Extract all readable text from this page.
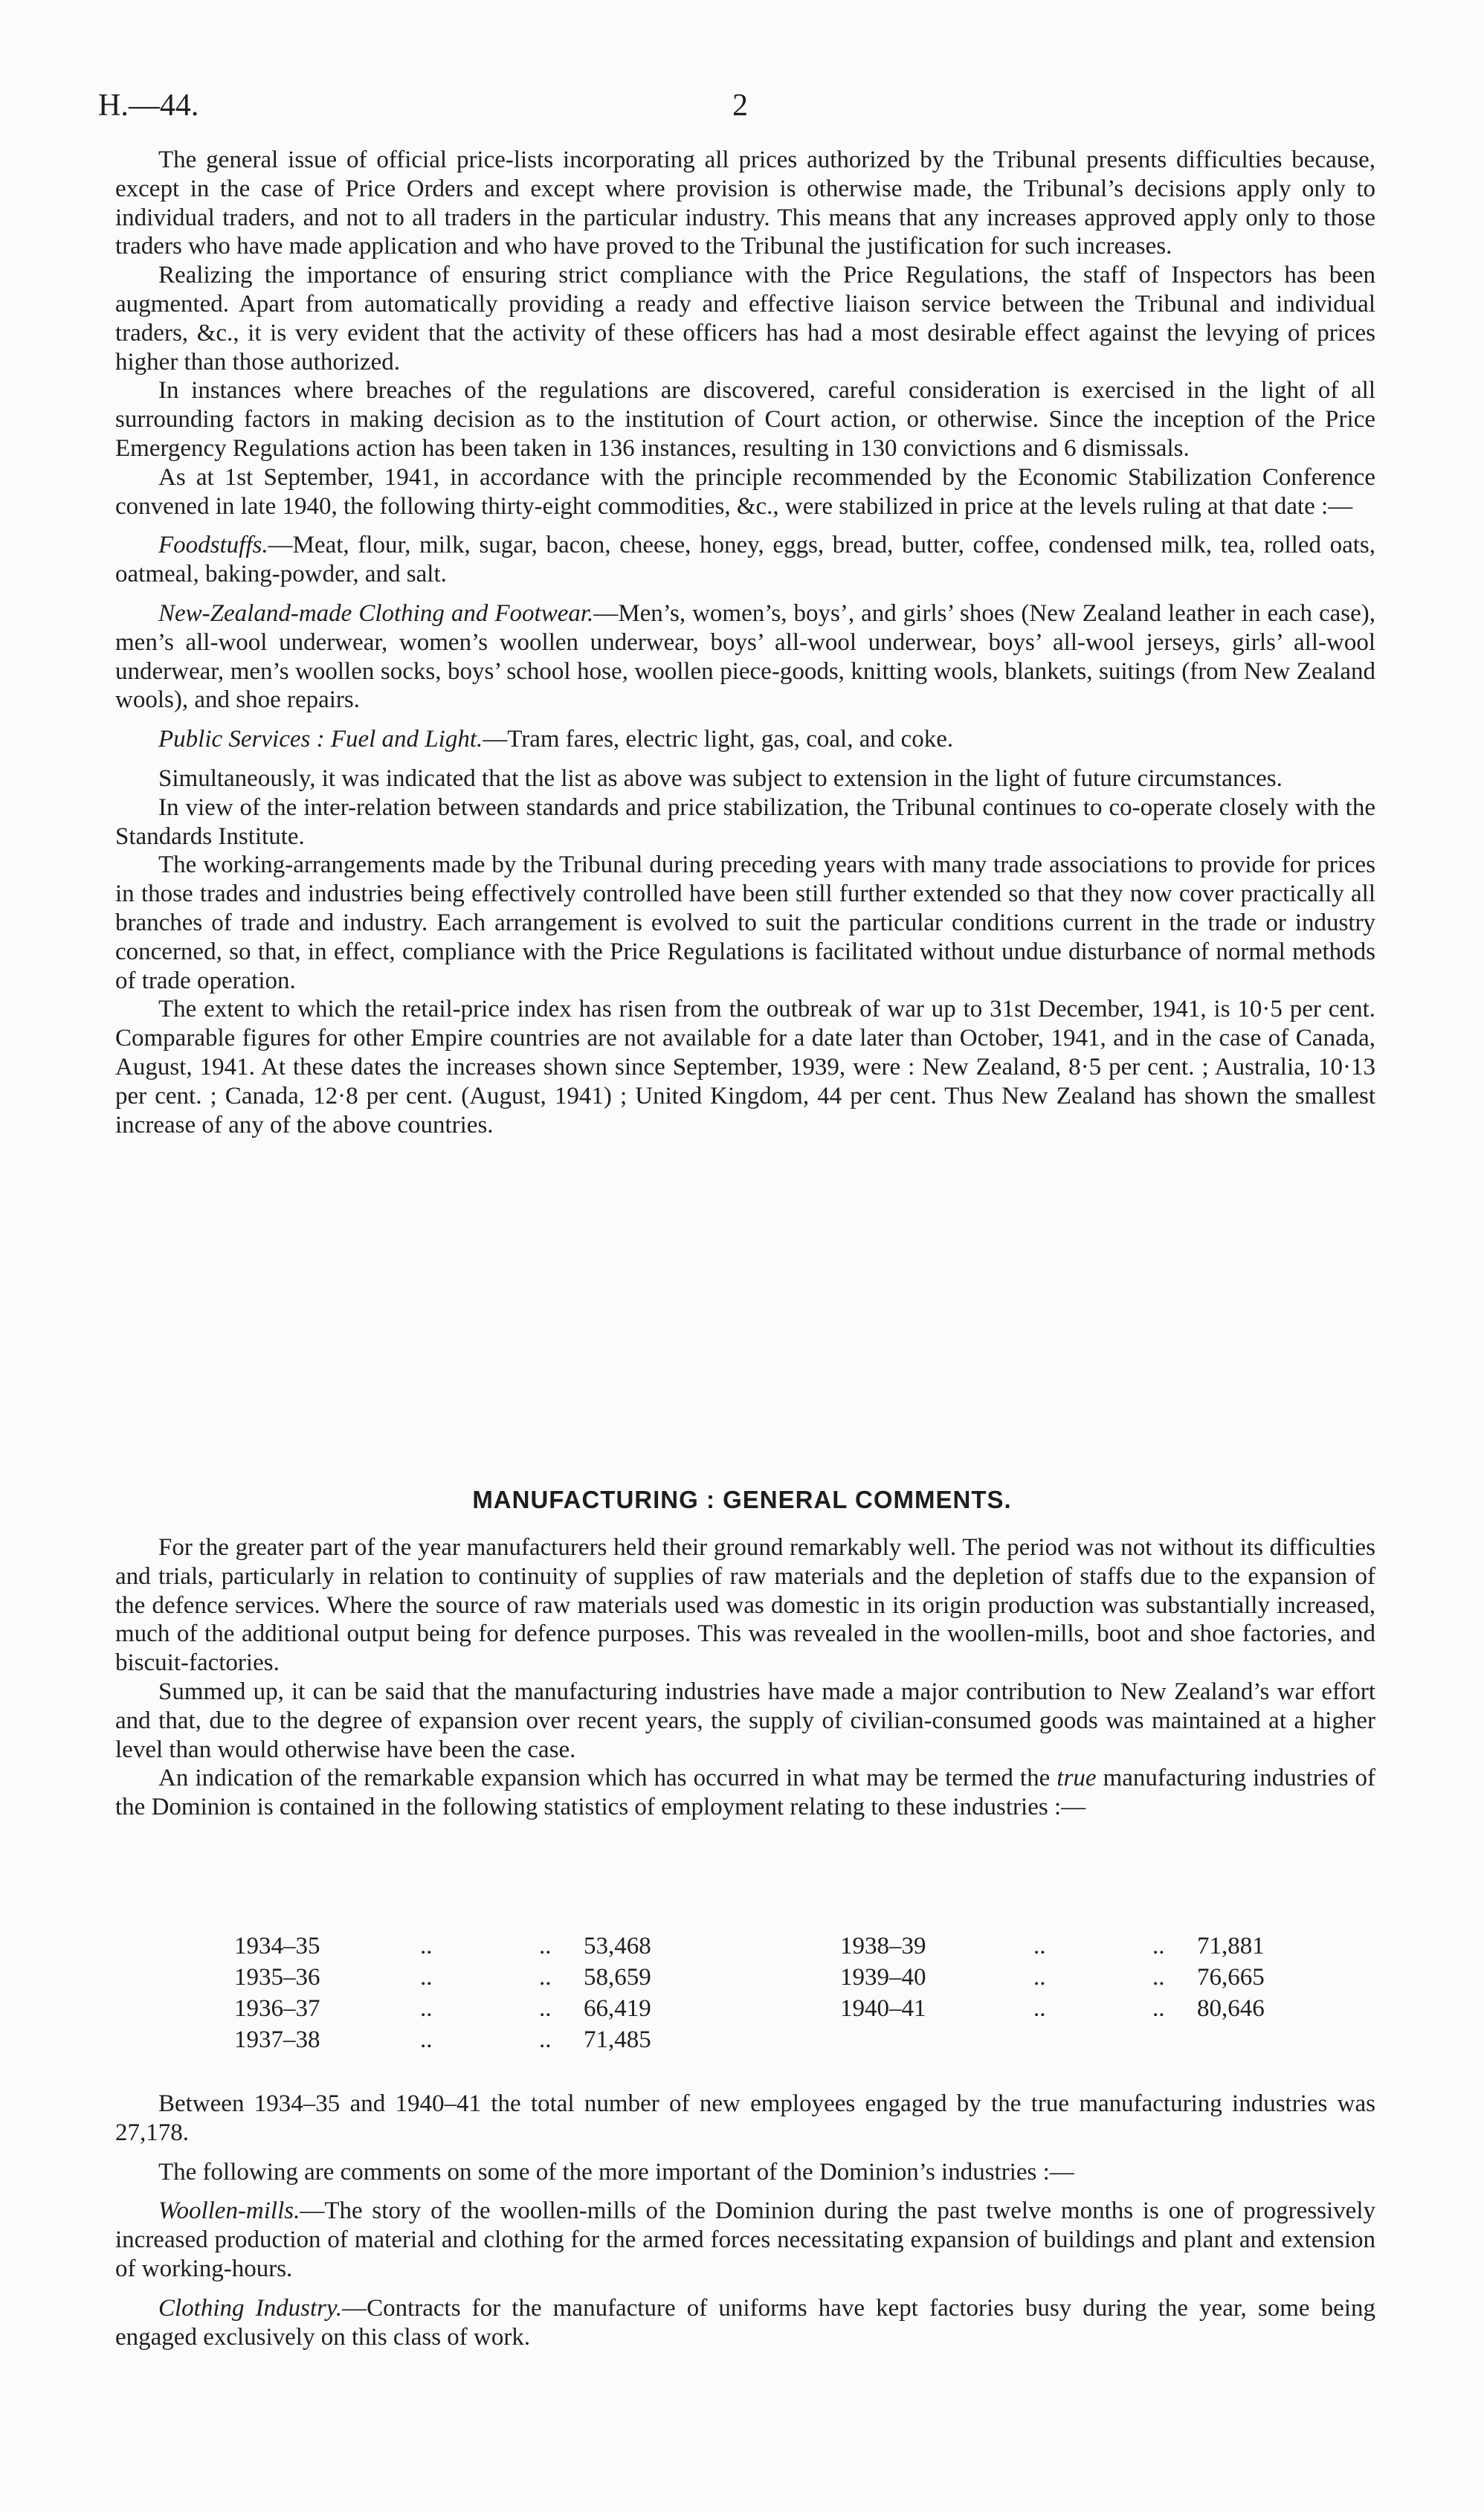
H.—44.	2

The general issue of official price-lists incorporating all prices authorized by the Tribunal presents difficulties because, except in the case of Price Orders and except where provision is otherwise made, the Tribunal’s decisions apply only to individual traders, and not to all traders in the particular industry. This means that any increases approved apply only to those traders who have made application and who have proved to the Tribunal the justification for such increases.

Realizing the importance of ensuring strict compliance with the Price Regulations, the staff of Inspectors has been augmented. Apart from automatically providing a ready and effective liaison service between the Tribunal and individual traders, &c., it is very evident that the activity of these officers has had a most desirable effect against the levying of prices higher than those authorized.

In instances where breaches of the regulations are discovered, careful consideration is exercised in the light of all surrounding factors in making decision as to the institution of Court action, or otherwise. Since the inception of the Price Emergency Regulations action has been taken in 136 instances, resulting in 130 convictions and 6 dismissals.

As at 1st September, 1941, in accordance with the principle recommended by the Economic Stabilization Conference convened in late 1940, the following thirty-eight commodities, &c., were stabilized in price at the levels ruling at that date :—

Foodstuffs.—Meat, flour, milk, sugar, bacon, cheese, honey, eggs, bread, butter, coffee, condensed milk, tea, rolled oats, oatmeal, baking-powder, and salt.

New-Zealand-made Clothing and Footwear.—Men’s, women’s, boys’, and girls’ shoes (New Zealand leather in each case), men’s all-wool underwear, women’s woollen underwear, boys’ all-wool underwear, boys’ all-wool jerseys, girls’ all-wool underwear, men’s woollen socks, boys’ school hose, woollen piece-goods, knitting wools, blankets, suitings (from New Zealand wools), and shoe repairs.

Public Services : Fuel and Light.—Tram fares, electric light, gas, coal, and coke.

Simultaneously, it was indicated that the list as above was subject to extension in the light of future circumstances.

In view of the inter-relation between standards and price stabilization, the Tribunal continues to co-operate closely with the Standards Institute.

The working-arrangements made by the Tribunal during preceding years with many trade associations to provide for prices in those trades and industries being effectively controlled have been still further extended so that they now cover practically all branches of trade and industry. Each arrangement is evolved to suit the particular conditions current in the trade or industry concerned, so that, in effect, compliance with the Price Regulations is facilitated without undue disturbance of normal methods of trade operation.

The extent to which the retail-price index has risen from the outbreak of war up to 31st December, 1941, is 10·5 per cent. Comparable figures for other Empire countries are not available for a date later than October, 1941, and in the case of Canada, August, 1941. At these dates the increases shown since September, 1939, were : New Zealand, 8·5 per cent. ; Australia, 10·13 per cent. ; Canada, 12·8 per cent. (August, 1941) ; United Kingdom, 44 per cent. Thus New Zealand has shown the smallest increase of any of the above countries.

MANUFACTURING : GENERAL COMMENTS.

For the greater part of the year manufacturers held their ground remarkably well. The period was not without its difficulties and trials, particularly in relation to continuity of supplies of raw materials and the depletion of staffs due to the expansion of the defence services. Where the source of raw materials used was domestic in its origin production was substantially increased, much of the additional output being for defence purposes. This was revealed in the woollen-mills, boot and shoe factories, and biscuit-factories.

Summed up, it can be said that the manufacturing industries have made a major contribution to New Zealand’s war effort and that, due to the degree of expansion over recent years, the supply of civilian-consumed goods was maintained at a higher level than would otherwise have been the case.

An indication of the remarkable expansion which has occurred in what may be termed the true manufacturing industries of the Dominion is contained in the following statistics of employment relating to these industries :—

1934–35	..	.. 53,468
1935–36	..	.. 58,659
1936–37	..	.. 66,419
1937–38	..	.. 71,485
1938–39	..	.. 71,881
1939–40	..	.. 76,665
1940–41	..	.. 80,646

Between 1934–35 and 1940–41 the total number of new employees engaged by the true manufacturing industries was 27,178.

The following are comments on some of the more important of the Dominion’s industries :—

Woollen-mills.—The story of the woollen-mills of the Dominion during the past twelve months is one of progressively increased production of material and clothing for the armed forces necessitating expansion of buildings and plant and extension of working-hours.

Clothing Industry.—Contracts for the manufacture of uniforms have kept factories busy during the year, some being engaged exclusively on this class of work.
